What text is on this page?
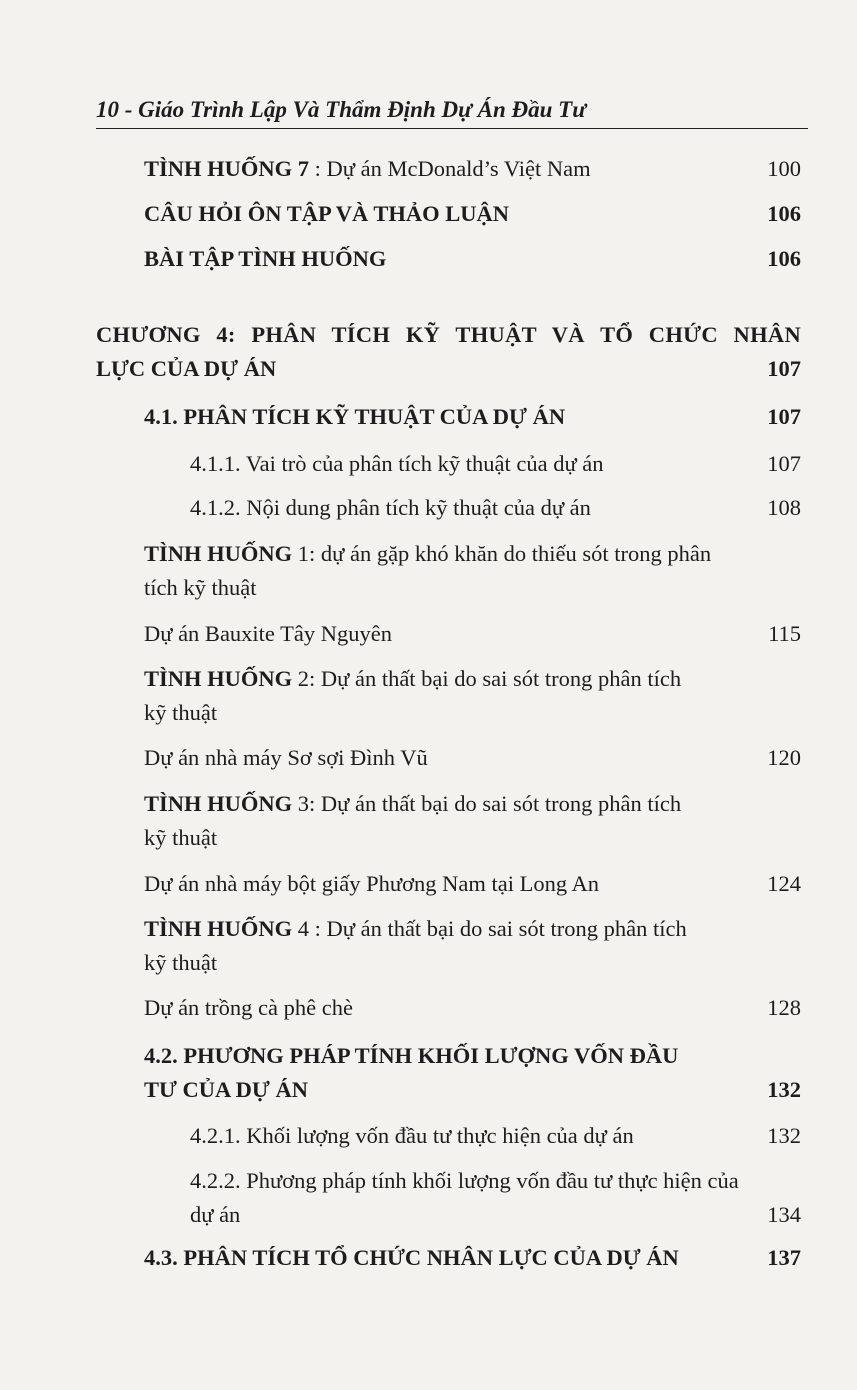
10 - Giáo Trình Lập Và Thẩm Định Dự Án Đầu Tư
TÌNH HUỐNG 7 : Dự án McDonald’s Việt Nam	100
CÂU HỎI ÔN TẬP VÀ THẢO LUẬN	106
BÀI TẬP TÌNH HUỐNG	106
CHƯƠNG 4: PHÂN TÍCH KỸ THUẬT VÀ TỔ CHỨC NHÂN
LỰC CỦA DỰ ÁN	107
4.1. PHÂN TÍCH KỸ THUẬT CỦA DỰ ÁN	107
4.1.1. Vai trò của phân tích kỹ thuật của dự án	107
4.1.2. Nội dung phân tích kỹ thuật của dự án	108
TÌNH HUỐNG 1: dự án gặp khó khăn do thiếu sót trong phân
tích kỹ thuật
Dự án Bauxite Tây Nguyên	115
TÌNH HUỐNG 2: Dự án thất bại do sai sót trong phân tích
kỹ thuật
Dự án nhà máy Sơ sợi Đình Vũ	120
TÌNH HUỐNG 3: Dự án thất bại do sai sót trong phân tích
kỹ thuật
Dự án nhà máy bột giấy Phương Nam tại Long An	124
TÌNH HUỐNG 4 : Dự án thất bại do sai sót trong phân tích
kỹ thuật
Dự án trồng cà phê chè	128
4.2. PHƯƠNG PHÁP TÍNH KHỐI LƯỢNG VỐN ĐẦU
TƯ CỦA DỰ ÁN	132
4.2.1. Khối lượng vốn đầu tư thực hiện của dự án	132
4.2.2. Phương pháp tính khối lượng vốn đầu tư thực hiện của
dự án	134
4.3. PHÂN TÍCH TỔ CHỨC NHÂN LỰC CỦA DỰ ÁN	137
